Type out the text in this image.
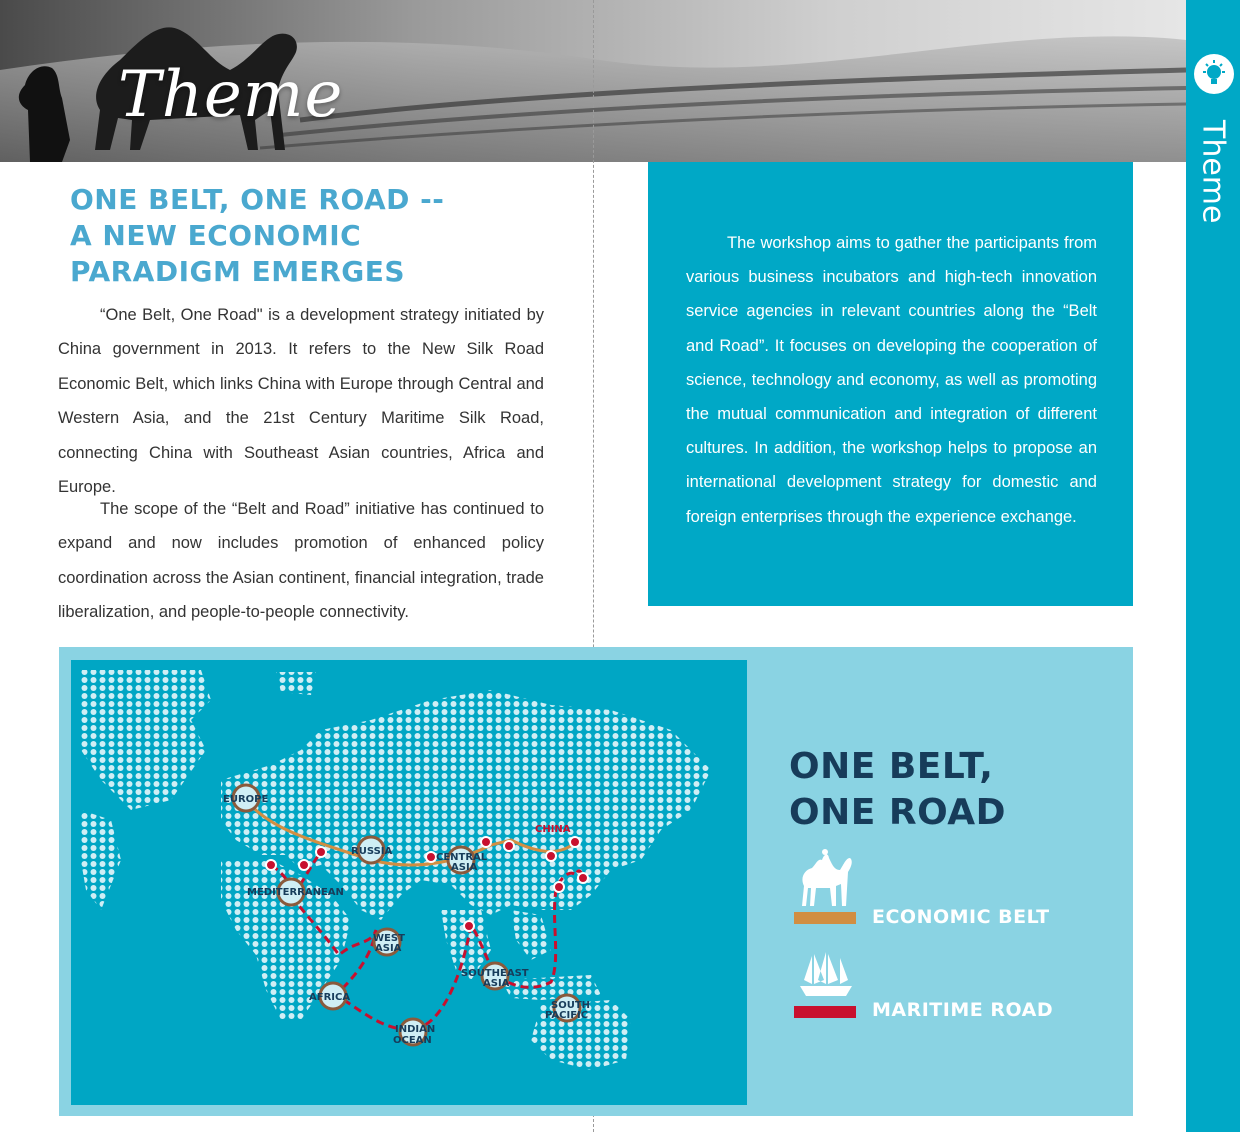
Theme
Theme
ONE BELT, ONE ROAD --
A NEW ECONOMIC
PARADIGM EMERGES

“One Belt, One Road" is a development strategy initiated by China government in 2013. It refers to the New Silk Road Economic Belt, which links China with Europe through Central and Western Asia, and the 21st Century Maritime Silk Road, connecting China with Southeast Asian countries, Africa and Europe.

The scope of the “Belt and Road” initiative has continued to expand and now includes promotion of enhanced policy coordination across the Asian continent, financial integration, trade liberalization, and people-to-people connectivity.

The workshop aims to gather the participants from various business incubators and high-tech innovation service agencies in relevant countries along the “Belt and Road”. It focuses on developing the cooperation of science, technology and economy, as well as promoting the mutual communication and integration of different cultures. In addition, the workshop helps to propose an international development strategy for domestic and foreign enterprises through the experience exchange.

EUROPE
RUSSIA
CENTRAL
ASIA
CHINA
MEDITERRANEAN
WEST
ASIA
AFRICA
INDIAN
OCEAN
SOUTHEAST
ASIA
SOUTH
PACIFIC
ONE BELT,
ONE ROAD
ECONOMIC BELT
MARITIME ROAD
